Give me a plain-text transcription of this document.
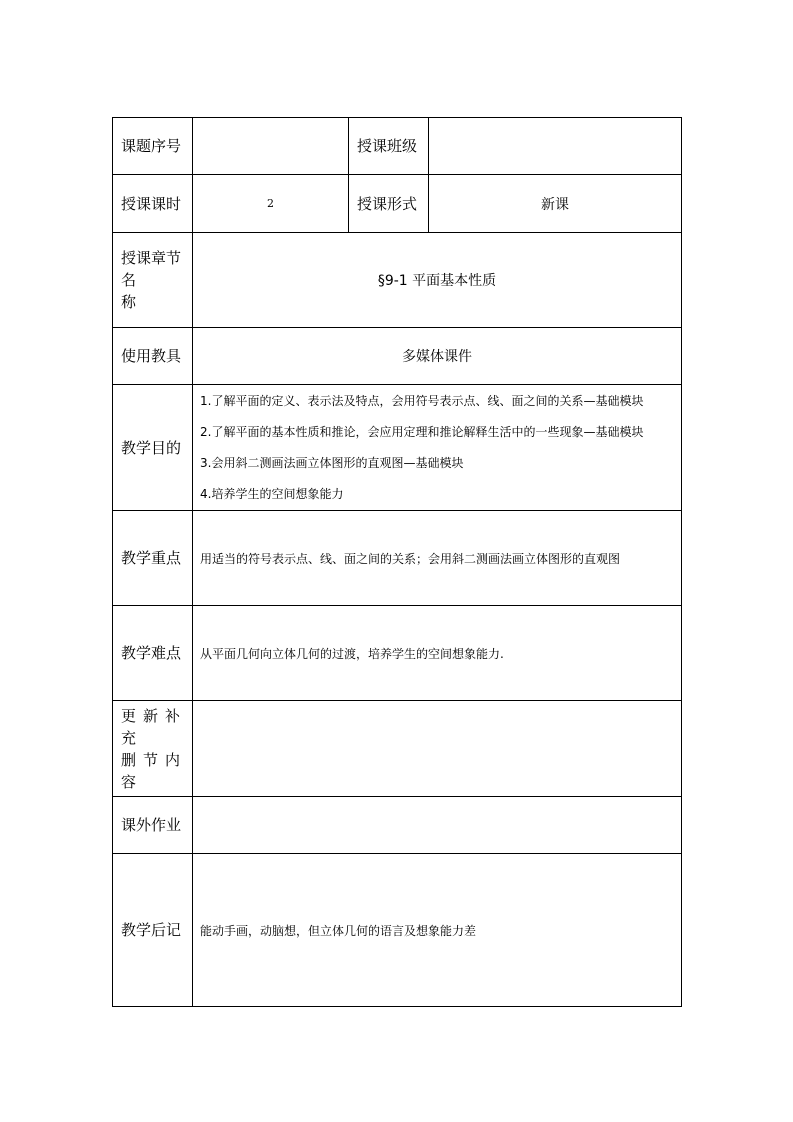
课题序号		授课班级	
授课课时	2	授课形式	新课

授课章节
名　　称	§9-1 平面基本性质		
使用教具	多媒体课件		
教学目的	1.了解平面的定义、表示法及特点，会用符号表示点、线、面之间的关系—基础模块
2.了解平面的基本性质和推论，会应用定理和推论解释生活中的一些现象—基础模块
3.会用斜二测画法画立体图形的直观图—基础模块
4.培养学生的空间想象能力		

教学重点	用适当的符号表示点、线、面之间的关系；会用斜二测画法画立体图形的直观图		
教学难点	从平面几何向立体几何的过渡，培养学生的空间想象能力.		

更新补充
删节内容			

课外作业			
教学后记	能动手画，动脑想，但立体几何的语言及想象能力差		
